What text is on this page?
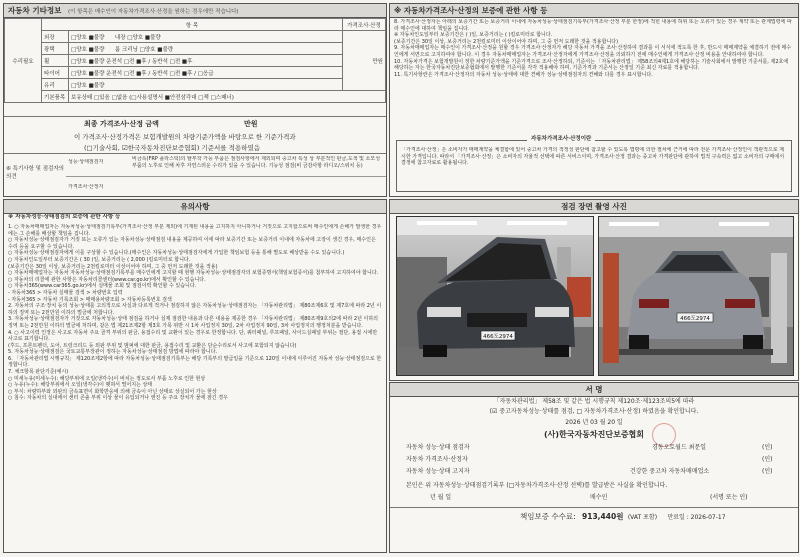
자동차 기타정보 (이 항목은 매수인이 자동차가격조사‧산정을 원하는 경우에만 적습니다)
수리필요	항 목		가격조사‧산정
	외장	□양호 ■불량 내장 □양호 ■불량	만원
	광택	□양호 ■불량 룸 크리닝 □양호 ■불량	
	휠	□양호 ■불량 운전석 □전 ■후 / 동반석 □전 ■후	
	타이어	□양호 ■불량 운전석 □전 ■후 / 동반석 □전 ■후 / □응급	
	유리	□양호 ■불량	
	기본품목	보유상태 □있음 □없음 (□사용설명서 ■안전삼각대 □잭 □스패너)	
최종 가격조사‧산정 금액	만원
이 가격조사‧산정가격은 보험개발원의 차량기준가액을 바탕으로 한 기준가격과
(□기술사회, ☑한국자동차진단보증협회) 기준서를 적용하였음
⑥ 특기사항 및 점검자의 의견
성능‧상태점검자	비금속(FRP 플라스틱)의 탈부착 가능 부품은 점검사항에서 제외되며 중고차 특성 상 부분적인 판금,도색 및 소모성부품의 노후로 인해 차후 자연스러운 수리가 있을 수 있습니다. 기능성 점검(비 금감사항 라디오/스위치 등)
가격조사‧산정자
※ 자동차가격조사‧산정의 보증에 관한 사항 등
8. 가격조사‧산정자는 아래의 보증기간 또는 보증거리 이내에 자동차성능‧상태점검기록부(가격조사‧산정 부분 한정)에 적힌 내용에 허위 또는 오류가 있는 경우 계약 또는 관계법령에 따라 매수인에 대하여 책임을 집니다.
※ 자동차인도일부터 보증기간은 ( )일, 보증거리는 ( )킬로미터로 합니다.
(보증기간은 30일 이상, 보증거리는 2천킬로미터 이상이어야 하며, 그 중 먼저 도래한 것을 적용합니다)
9. 자동차매매업자는 매수인이 가격조사‧산정을 원할 경우 가격조사‧산정자가 해당 자동차 가격을 조사‧산정하여 결과를 이 서식에 적도록 한 후, 반드시 매매계약을 체결하기 전에 매수인에게 서면으로 고지하여야 합니다. 이 경우 자동차매매업자는 가격조사‧산정자에게 가격조사‧산정을 의뢰하기 전에 매수인에게 가격조사‧산정 비용을 안내하여야 합니다.
10. 자동차가격은 보험개발원이 정한 차량기준가액을 기준가격으로 조사‧산정하되, 기준서는 「자동차관리법」 제58조의4제1호에 해당하는 기술사회에서 발행한 기준서를, 제2호에 해당하는 자는 한국자동차진단보증협회에서 발행한 기준서를 각각 적용해야 하며, 기준가격과 기준서는 산정일 기준 최신 자료를 적용합니다.
11. 특기사항란은 가격조사‧산정자의 자동차 성능‧상태에 대한 견해가 성능‧상태점검자의 견해와 다를 경우 표시합니다.
자동차가격조사‧산정이란
「가격조사‧산정」은 소비자가 매매계약을 체결함에 있어 중고차 가격의 적정성 판단에 참고할 수 있도록 법령에 의한 절차에 근거에 따라 전문 가격조사‧산정인이 객관적으로 제시한 가격입니다. 따라서 「가격조사‧산정」은 소비자의 자율적 선택에 따른 서비스이며, 가격조사‧산정 결과는 중고차 가격판단에 관하여 법적 구속력은 없고 소비자의 구매에서 결정에 참고자료로 활용됩니다.
유의사항
※ 자동차성능‧상태점검의 보증에 관한 사항 등
1. ○ 자동차매매업자는 자동차성능‧상태점검기록부(가격조사‧산정 부분 제외)에 기재된 내용을 고지하지 아니하거나 거짓으로 고지함으로써 매수인에게 손해가 발생한 경우에는 그 손해를 배상할 책임을 집니다.
○ 자동차성능‧상태점검자가 거짓 또는 오류가 있는 자동차성능‧상태점검 내용을 제공하여 이에 따라 보증기간 또는 보증거리 이내에 자동차에 고장이 생긴 경우, 매수인은 수리 등을 요구할 수 있습니다.
○ 자동차성능‧상태점검자에게 이를 구상할 수 있습니다.(매수인은 자동차성능‧상태점검자에게 가입한 책임보험 등을 통해 별도로 배상받을 수도 있습니다.)
○ 자동차인도일부터 보증기간은 ( 30 )일, 보증거리는 ( 2,000 )킬로미터로 합니다.
(보증기간은 30일 이상, 보증거리는 2천킬로미터 이상이어야 하며, 그 중 먼저 도래한 것을 적용)
○ 자동차매매업자는 자동차 자동차성능‧상태점검기록부를 매수인에게 고지할 때 현행 자동차성능‧상태점검자의 보험증명서(책임보험증서)를 첨부하여 고지하여야 합니다.
○ 자동차의 리콜에 관한 사항은 자동차리콜센터(www.car.go.kr)에서 확인할 수 있습니다.
○ 자동차365(www.car365.go.kr)에서 실매물 조회 및 점검이력 확인할 수 있습니다.
- 자동차365 > 자동차 실매물 검색 > 차량번호 입력
- 자동차365 > 자동차 기록조회 > 매매용차량조회 > 자동차등록번호 검색
2. 자동차의 구조‧장치 등의 성능‧상태를 고의적으로 사실과 다르게 적거나 점검하지 않은 자동차성능‧상태점검자는 「자동차관리법」 제80조제6호 및 제7호에 따라 2년 이하의 징역 또는 2천만원 이하의 벌금에 처합니다.
3. 자동차성능‧상태점검자가 거짓으로 자동차성능‧상태 점검을 하거나 실제 점검한 내용과 다른 내용을 제공한 경우 「자동차관리법」 제80조제9호의2에 따라 2년 이하의 징역 또는 2천만원 이하의 벌금에 처하며, 같은 법 제21조제2항 제3호 가목 위반 시 1차 사업정지 30일, 2차 사업정지 90일, 3차 사업정지의 행정처분을 받습니다.
4. ○ 사고이력 인정은 사고로 자동차 주요 골격 부위의 판금, 용접수리 및 교환이 있는 경우로 한정합니다. 단, 쿼터패널, 루프패널, 사이드실패널 부위는 절단, 용접 시에만 사고로 표기합니다.
(후드, 프론트펜더, 도어, 트렁크리드 등 외판 부위 및 범퍼에 대한 판금, 용접수리 및 교환은 단순수리로서 사고에 포함되지 않습니다)
5. 자동차성능‧상태점검은 국토교통부장관이 정하는 자동차성능‧상태점검 방법에 따라야 합니다.
6. 「자동차관리법 시행규칙」 제120조제2항에 따라 자동차성능‧상태점검기록부는 해당 기록부의 발급일을 기준으로 120일 이내에 이루어진 자동차 성능‧상태점검으로 한정합니다.
7. 체크항목 판단기준(예시)
○ 미세누유(미세누수): 해당부위에 오일(냉각수)이 비치는 정도로서 부품 노후로 인한 현상
○ 누유(누수): 해당부위에서 오일(냉각수)이 맺혀서 떨어지는 상태
○ 부식: 차량하부와 외판의 금속표면이 화학반응에 의해 금속이 아닌 상태로 상실되어 가는 현상
○ 침수: 자동차의 실내에서 센터 콘솔 부위 이상 물이 유입되거나 엔진 등 주요 장치가 물에 잠긴 경우
점검 장면 촬영 사진
466도2974
466도2974
서 명
「자동차관리법」 제58조 및 같은 법 시행규칙 제120조‧제123조의5에 따라
(☑ 중고자동차성능‧상태를 점검, □ 자동차가격조사‧산정) 하였음을 확인합니다.
2026 년 03 월 20 일
(사)한국자동차진단보증협회
자동차 성능‧상태 점검자	경동오토월드 최문일	(인)
자동차 가격조사‧산정자	(인)
자동차 성능‧상태 고지자	건강한 중고차 자동차매매업소	(인)
본인은 위 자동차성능‧상태점검기록부 (□자동차가격조사‧산정 선택)를 발급받은 사실을 확인합니다.
년 월 일	매수인	(서명 또는 인)
책임보증 수수료: 913,440원 (VAT 포함) 만료일 : 2026-07-17
